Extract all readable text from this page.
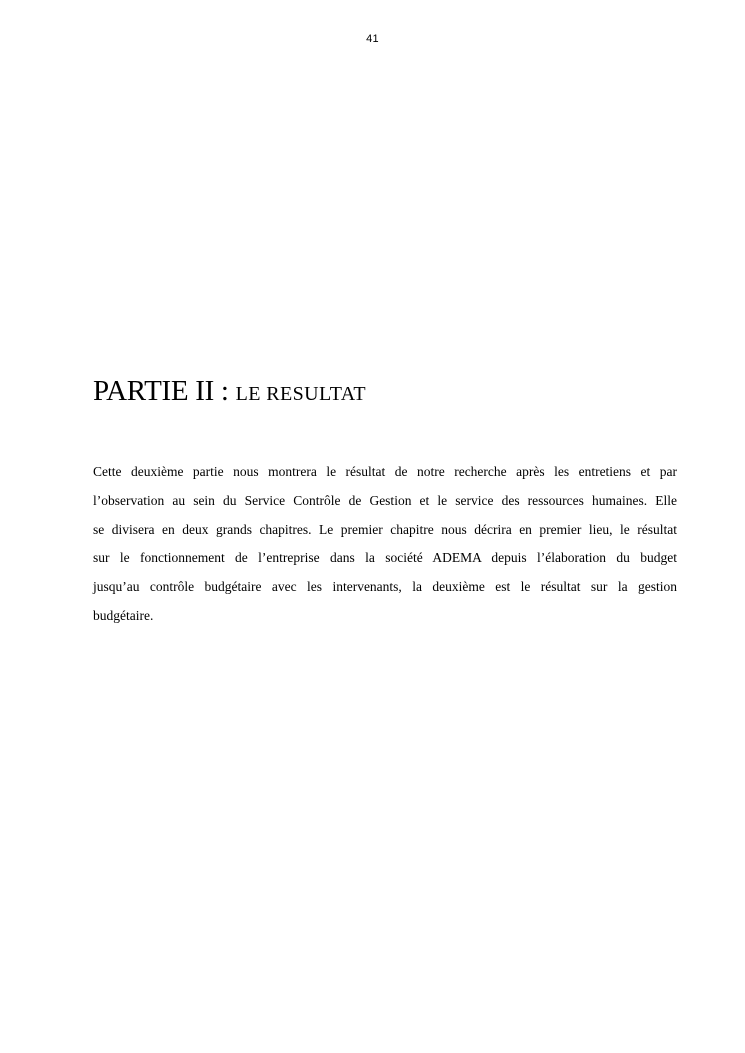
41
PARTIE II : LE RESULTAT

Cette deuxième partie nous montrera le résultat de notre recherche après les entretiens et par
l’observation au sein du Service Contrôle de Gestion et le service des ressources humaines. Elle
se divisera en deux grands chapitres. Le premier chapitre nous décrira en premier lieu, le résultat
sur le fonctionnement de l’entreprise dans la société ADEMA depuis l’élaboration du budget
jusqu’au contrôle budgétaire avec les intervenants, la deuxième est le résultat sur la gestion
budgétaire.
